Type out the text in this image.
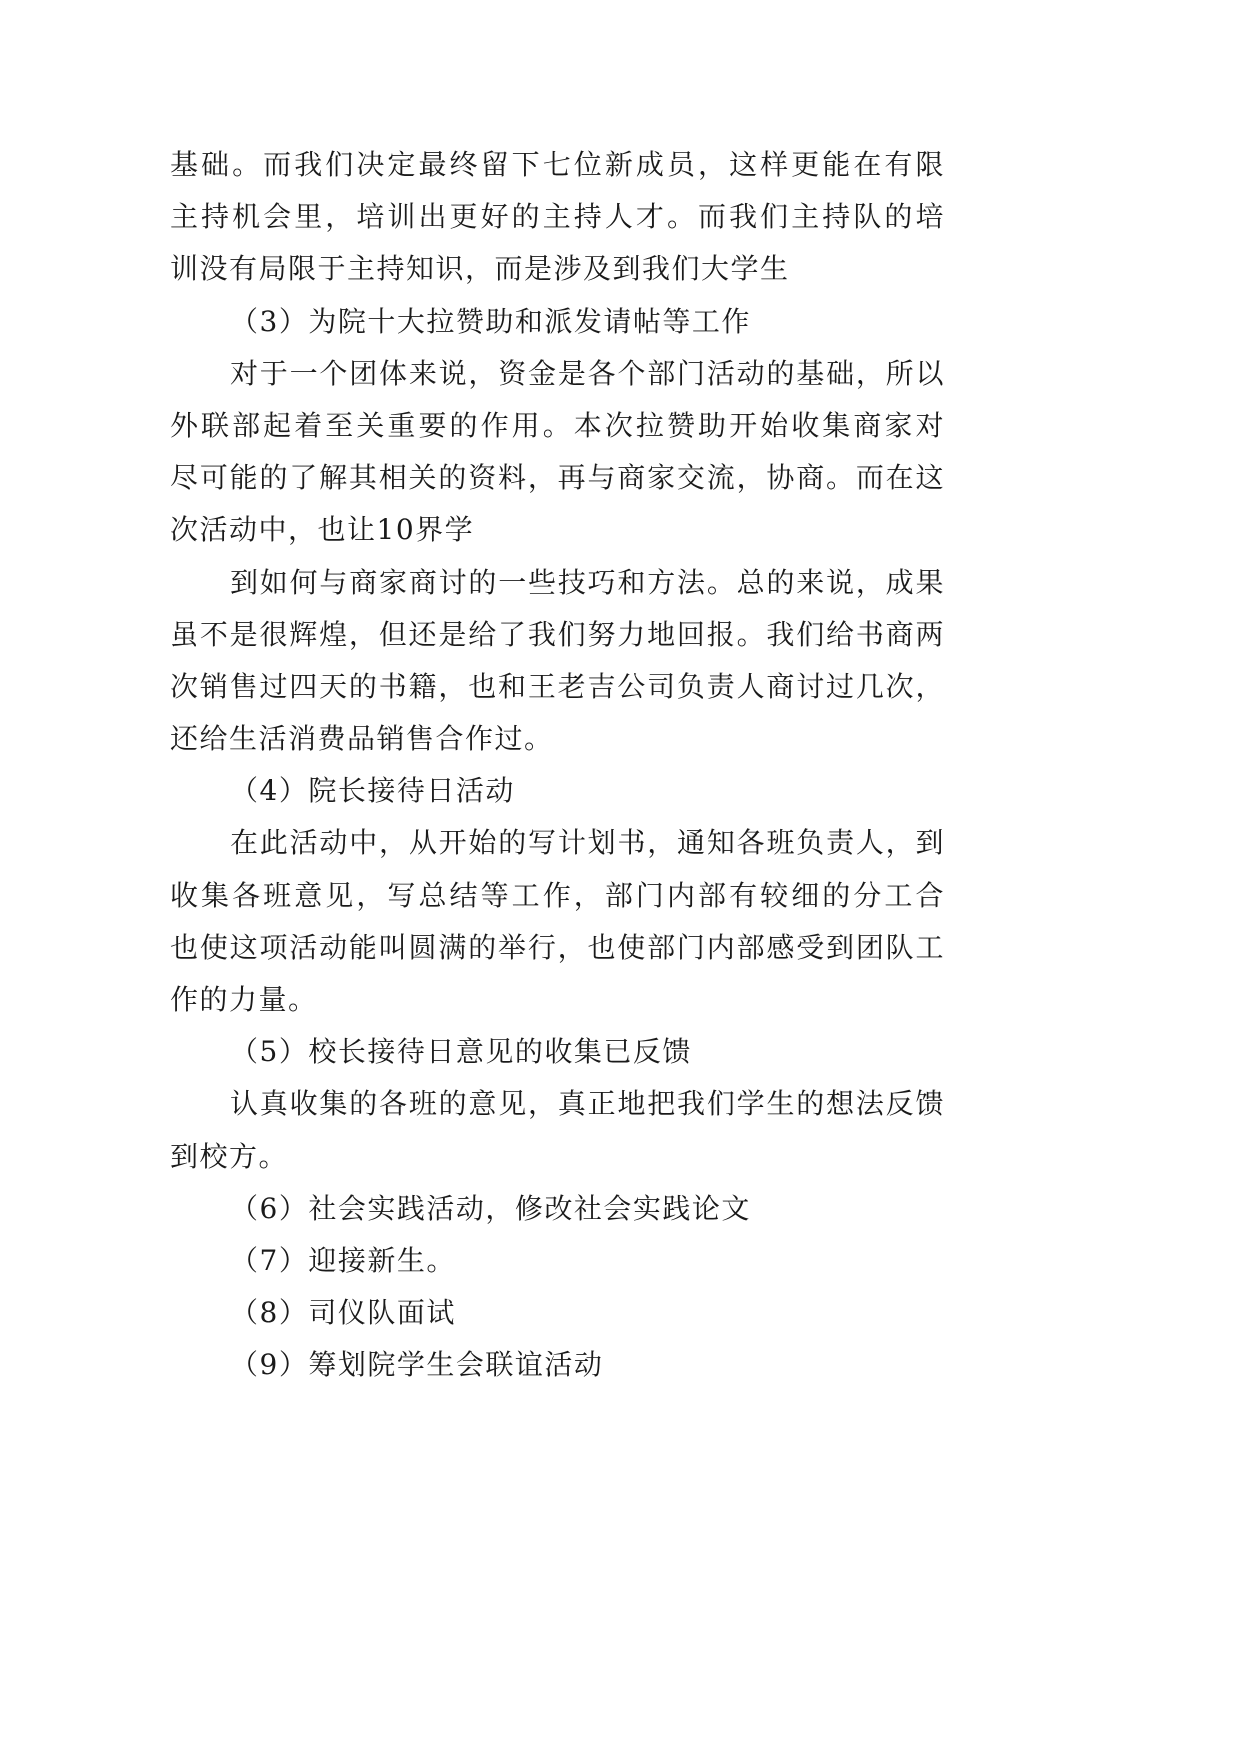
基础。而我们决定最终留下七位新成员，这样更能在有限
主持机会里，培训出更好的主持人才。而我们主持队的培
训没有局限于主持知识，而是涉及到我们大学生
（3）为院十大拉赞助和派发请帖等工作
对于一个团体来说，资金是各个部门活动的基础，所以
外联部起着至关重要的作用。本次拉赞助开始收集商家对
尽可能的了解其相关的资料，再与商家交流，协商。而在这
次活动中，也让10界学
到如何与商家商讨的一些技巧和方法。总的来说，成果
虽不是很辉煌，但还是给了我们努力地回报。我们给书商两
次销售过四天的书籍，也和王老吉公司负责人商讨过几次，
还给生活消费品销售合作过。
（4）院长接待日活动
在此活动中，从开始的写计划书，通知各班负责人，到
收集各班意见，写总结等工作，部门内部有较细的分工合
也使这项活动能叫圆满的举行，也使部门内部感受到团队工
作的力量。
（5）校长接待日意见的收集已反馈
认真收集的各班的意见，真正地把我们学生的想法反馈
到校方。
（6）社会实践活动，修改社会实践论文
（7）迎接新生。
（8）司仪队面试
（9）筹划院学生会联谊活动
